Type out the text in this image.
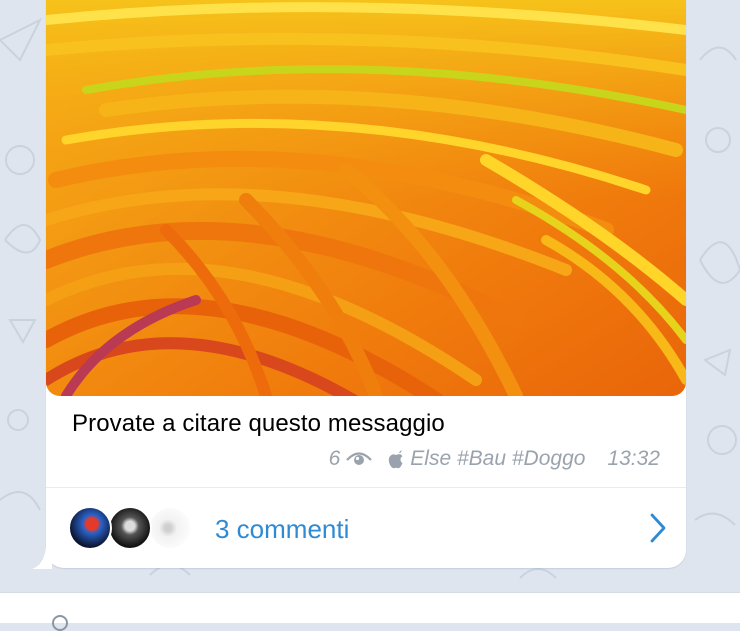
Provate a citare questo messaggio
6	Else #Bau #Doggo 13:32
3 commenti
